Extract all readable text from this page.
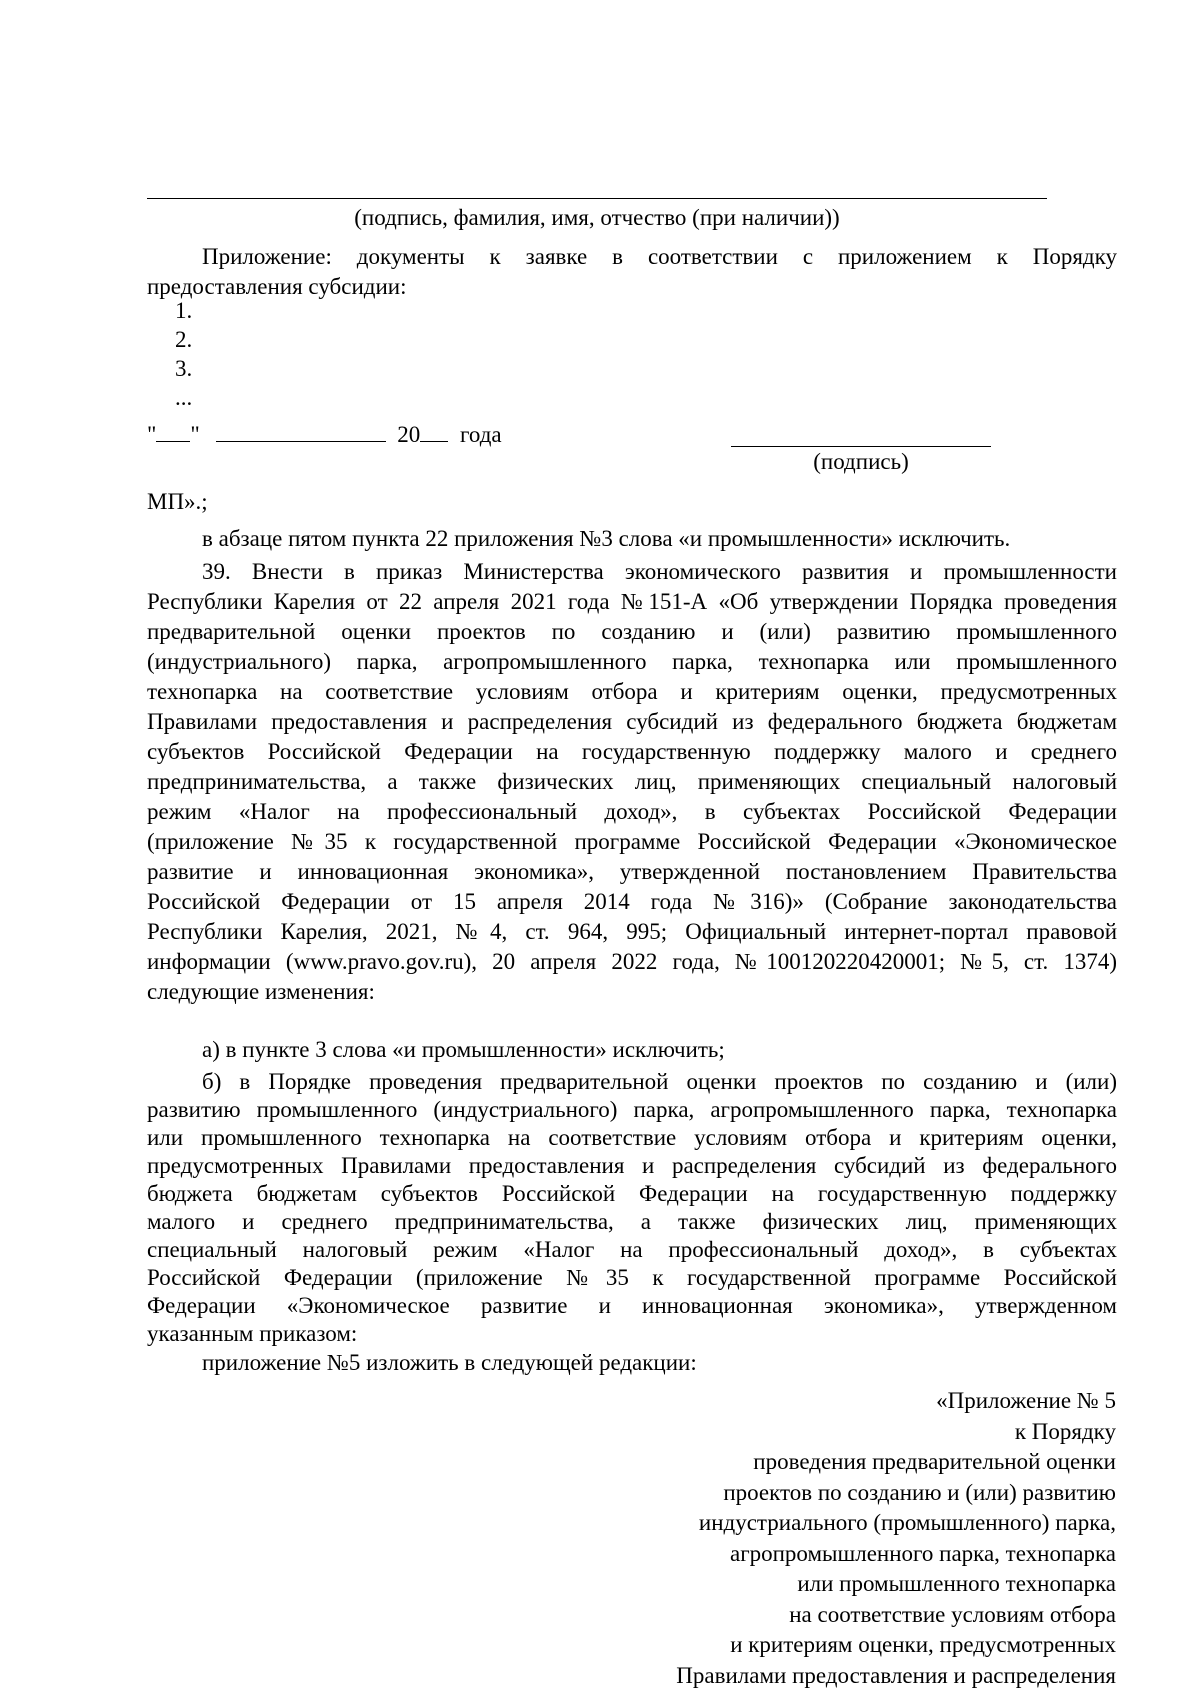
(подпись, фамилия, имя, отчество (при наличии))
Приложение: документы к заявке в соответствии с приложением к Порядку
предоставления субсидии:
1.
2.
3.
...
" "	20 года
(подпись)
МП».;
в абзаце пятом пункта 22 приложения №3 слова «и промышленности» исключить.
39. Внести в приказ Министерства экономического развития и промышленности
Республики Карелия от 22 апреля 2021 года №151-А «Об утверждении Порядка проведения
предварительной оценки проектов по созданию и (или) развитию промышленного
(индустриального) парка, агропромышленного парка, технопарка или промышленного
технопарка на соответствие условиям отбора и критериям оценки, предусмотренных
Правилами предоставления и распределения субсидий из федерального бюджета бюджетам
субъектов Российской Федерации на государственную поддержку малого и среднего
предпринимательства, а также физических лиц, применяющих специальный налоговый
режим «Налог на профессиональный доход», в субъектах Российской Федерации
(приложение №35 к государственной программе Российской Федерации «Экономическое
развитие и инновационная экономика», утвержденной постановлением Правительства
Российской Федерации от 15 апреля 2014 года №316)» (Собрание законодательства
Республики Карелия, 2021, №4, ст. 964, 995; Официальный интернет-портал правовой
информации (www.pravo.gov.ru), 20 апреля 2022 года, №100120220420001; №5, ст. 1374)
следующие изменения:
а) в пункте 3 слова «и промышленности» исключить;
б) в Порядке проведения предварительной оценки проектов по созданию и (или)
развитию промышленного (индустриального) парка, агропромышленного парка, технопарка
или промышленного технопарка на соответствие условиям отбора и критериям оценки,
предусмотренных Правилами предоставления и распределения субсидий из федерального
бюджета бюджетам субъектов Российской Федерации на государственную поддержку
малого и среднего предпринимательства, а также физических лиц, применяющих
специальный налоговый режим «Налог на профессиональный доход», в субъектах
Российской Федерации (приложение №35 к государственной программе Российской
Федерации «Экономическое развитие и инновационная экономика», утвержденном
указанным приказом:
приложение №5 изложить в следующей редакции:
«Приложение № 5
к Порядку
проведения предварительной оценки
проектов по созданию и (или) развитию
индустриального (промышленного) парка,
агропромышленного парка, технопарка
или промышленного технопарка
на соответствие условиям отбора
и критериям оценки, предусмотренных
Правилами предоставления и распределения
